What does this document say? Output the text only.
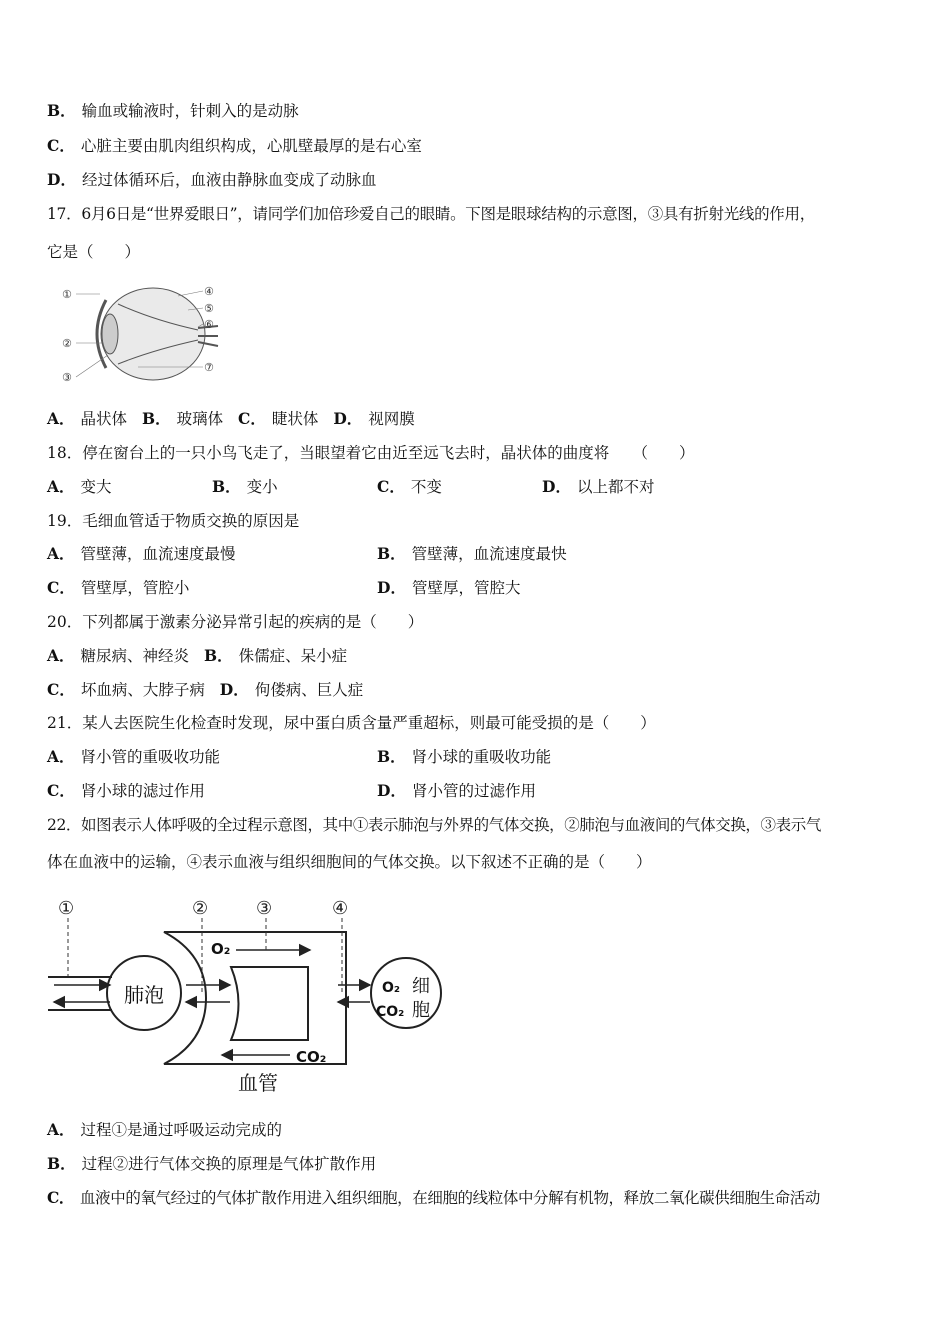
B． 输血或输液时，针刺入的是动脉
C． 心脏主要由肌肉组织构成，心肌壁最厚的是右心室
D． 经过体循环后，血液由静脉血变成了动脉血
17．6月6日是“世界爱眼日”，请同学们加倍珍爱自己的眼睛。下图是眼球结构的示意图，③具有折射光线的作用，
它是（　　）
①
②
③
④
⑤
⑥
⑦
A． 晶状体 B． 玻璃体 C． 睫状体 D． 视网膜
18．停在窗台上的一只小鸟飞走了，当眼望着它由近至远飞去时，晶状体的曲度将　　（　　）
A． 变大	B． 变小	C． 不变	D． 以上都不对
19．毛细血管适于物质交换的原因是
A． 管壁薄，血流速度最慢	B． 管壁薄，血流速度最快
C． 管壁厚，管腔小	D． 管壁厚，管腔大
20．下列都属于激素分泌异常引起的疾病的是（　　）
A． 糖尿病、神经炎 B． 侏儒症、呆小症
C． 坏血病、大脖子病 D． 佝偻病、巨人症
21．某人去医院生化检查时发现，尿中蛋白质含量严重超标，则最可能受损的是（　　）
A． 肾小管的重吸收功能	B． 肾小球的重吸收功能
C． 肾小球的滤过作用	D． 肾小管的过滤作用
22．如图表示人体呼吸的全过程示意图，其中①表示肺泡与外界的气体交换，②肺泡与血液间的气体交换，③表示气
体在血液中的运输，④表示血液与组织细胞间的气体交换。以下叙述不正确的是（　　）
①	②	③	④
肺泡
O₂
CO₂
O₂
CO₂
细
胞
血管
A． 过程①是通过呼吸运动完成的
B． 过程②进行气体交换的原理是气体扩散作用
C． 血液中的氧气经过的气体扩散作用进入组织细胞，在细胞的线粒体中分解有机物，释放二氧化碳供细胞生命活动
